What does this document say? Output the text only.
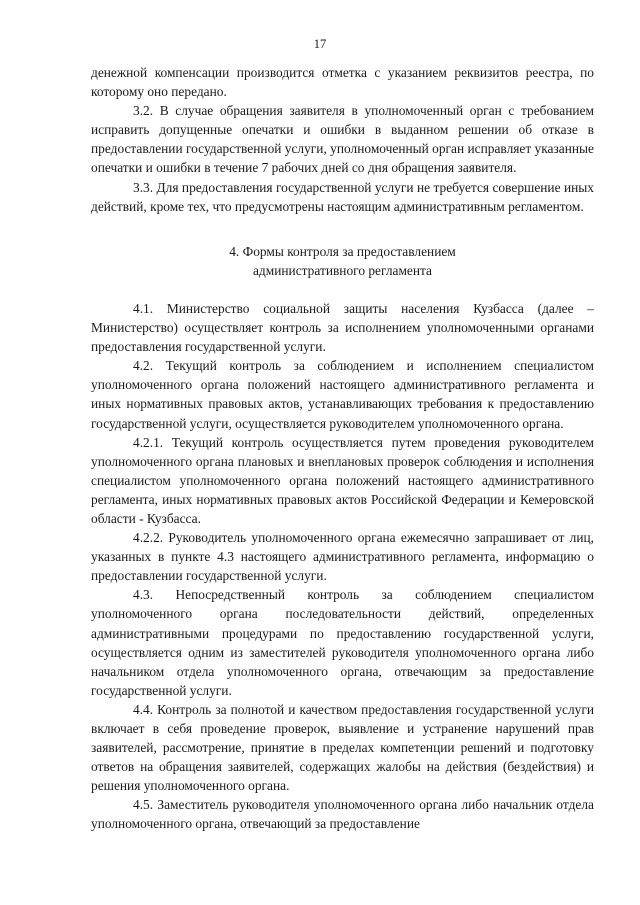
17

денежной компенсации производится отметка с указанием реквизитов реестра, по которому оно передано.

3.2. В случае обращения заявителя в уполномоченный орган с требованием исправить допущенные опечатки и ошибки в выданном решении об отказе в предоставлении государственной услуги, уполномоченный орган исправляет указанные опечатки и ошибки в течение 7 рабочих дней со дня обращения заявителя.

3.3. Для предоставления государственной услуги не требуется совершение иных действий, кроме тех, что предусмотрены настоящим административным регламентом.

4. Формы контроля за предоставлением
административного регламента

4.1. Министерство социальной защиты населения Кузбасса (далее – Министерство) осуществляет контроль за исполнением уполномоченными органами предоставления государственной услуги.

4.2. Текущий контроль за соблюдением и исполнением специалистом уполномоченного органа положений настоящего административного регламента и иных нормативных правовых актов, устанавливающих требования к предоставлению государственной услуги, осуществляется руководителем уполномоченного органа.

4.2.1. Текущий контроль осуществляется путем проведения руководителем уполномоченного органа плановых и внеплановых проверок соблюдения и исполнения специалистом уполномоченного органа положений настоящего административного регламента, иных нормативных правовых актов Российской Федерации и Кемеровской области - Кузбасса.

4.2.2. Руководитель уполномоченного органа ежемесячно запрашивает от лиц, указанных в пункте 4.3 настоящего административного регламента, информацию о предоставлении государственной услуги.

4.3. Непосредственный контроль за соблюдением специалистом уполномоченного органа последовательности действий, определенных административными процедурами по предоставлению государственной услуги, осуществляется одним из заместителей руководителя уполномоченного органа либо начальником отдела уполномоченного органа, отвечающим за предоставление государственной услуги.

4.4. Контроль за полнотой и качеством предоставления государственной услуги включает в себя проведение проверок, выявление и устранение нарушений прав заявителей, рассмотрение, принятие в пределах компетенции решений и подготовку ответов на обращения заявителей, содержащих жалобы на действия (бездействия) и решения уполномоченного органа.

4.5. Заместитель руководителя уполномоченного органа либо начальник отдела уполномоченного органа, отвечающий за предоставление
